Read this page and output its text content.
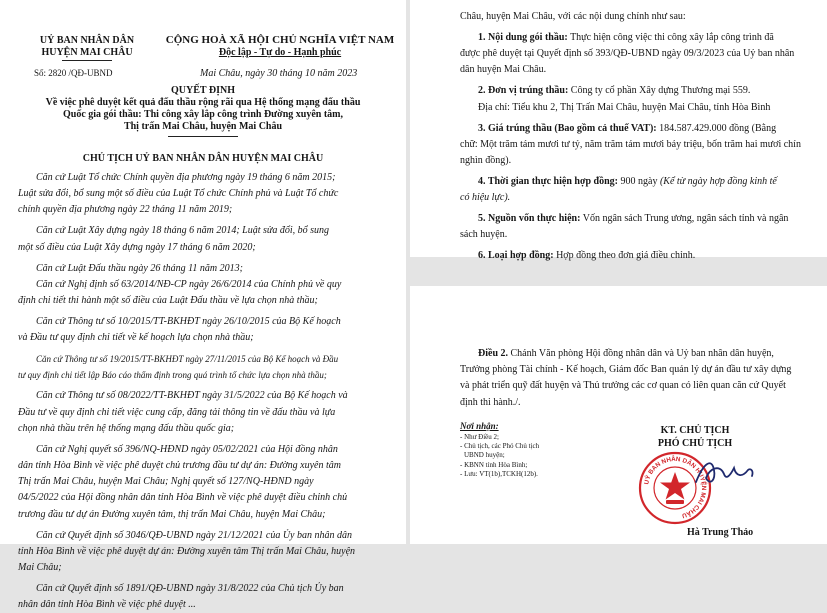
UỶ BAN NHÂN DÂN
HUYỆN MAI CHÂU
CỘNG HOÀ XÃ HỘI CHỦ NGHĨA VIỆT NAM
Độc lập - Tự do - Hạnh phúc
Số: 2820 /QĐ-UBND	Mai Châu, ngày 30 tháng 10 năm 2023
QUYẾT ĐỊNH
Về việc phê duyệt kết quả đấu thầu rộng rãi qua Hệ thống mạng đấu thầu
Quốc gia gói thầu: Thi công xây lắp công trình Đường xuyên tâm,
Thị trấn Mai Châu, huyện Mai Châu
CHỦ TỊCH UỶ BAN NHÂN DÂN HUYỆN MAI CHÂU

Căn cứ Luật Tổ chức Chính quyền địa phương ngày 19 tháng 6 năm 2015;

Luật sửa đổi, bổ sung một số điều của Luật Tổ chức Chính phủ và Luật Tổ chức

chính quyền địa phương ngày 22 tháng 11 năm 2019;

Căn cứ Luật Xây dựng ngày 18 tháng 6 năm 2014; Luật sửa đổi, bổ sung

một số điều của Luật Xây dựng ngày 17 tháng 6 năm 2020;

Căn cứ Luật Đấu thầu ngày 26 tháng 11 năm 2013;

Căn cứ Nghị định số 63/2014/NĐ-CP ngày 26/6/2014 của Chính phủ về quy

định chi tiết thi hành một số điều của Luật Đấu thầu về lựa chọn nhà thầu;

Căn cứ Thông tư số 10/2015/TT-BKHĐT ngày 26/10/2015 của Bộ Kế hoạch

và Đầu tư quy định chi tiết về kế hoạch lựa chọn nhà thầu;

Căn cứ Thông tư số 19/2015/TT-BKHĐT ngày 27/11/2015 của Bộ Kế hoạch và Đầu

tư quy định chi tiết lập Báo cáo thẩm định trong quá trình tổ chức lựa chọn nhà thầu;

Căn cứ Thông tư số 08/2022/TT-BKHĐT ngày 31/5/2022 của Bộ Kế hoạch và

Đầu tư về quy định chi tiết việc cung cấp, đăng tải thông tin về đấu thầu và lựa

chọn nhà thầu trên hệ thống mạng đấu thầu quốc gia;

Căn cứ Nghị quyết số 396/NQ-HĐND ngày 05/02/2021 của Hội đồng nhân

dân tỉnh Hòa Bình về việc phê duyệt chủ trương đầu tư dự án: Đường xuyên tâm

Thị trấn Mai Châu, huyện Mai Châu; Nghị quyết số 127/NQ-HĐND ngày

04/5/2022 của Hội đồng nhân dân tỉnh Hòa Bình về việc phê duyệt điều chỉnh chủ

trương đầu tư dự án Đường xuyên tâm, thị trấn Mai Châu, huyện Mai Châu;

Căn cứ Quyết định số 3046/QĐ-UBND ngày 21/12/2021 của Ủy ban nhân dân

tỉnh Hòa Bình về việc phê duyệt dự án: Đường xuyên tâm Thị trấn Mai Châu, huyện

Mai Châu;

Căn cứ Quyết định số 1891/QĐ-UBND ngày 31/8/2022 của Chủ tịch Ủy ban

nhân dân tỉnh Hòa Bình về việc phê duyệt ...

Châu, huyện Mai Châu, với các nội dung chính như sau:

1. Nội dung gói thầu: Thực hiện công việc thi công xây lắp công trình đã

được phê duyệt tại Quyết định số 393/QĐ-UBND ngày 09/3/2023 của Uỷ ban nhân

dân huyện Mai Châu.

2. Đơn vị trúng thầu: Công ty cổ phần Xây dựng Thương mại 559.

Địa chỉ: Tiểu khu 2, Thị Trấn Mai Châu, huyện Mai Châu, tỉnh Hòa Bình

3. Giá trúng thầu (Bao gồm cả thuế VAT): 184.587.429.000 đồng (Bằng

chữ: Một trăm tám mươi tư tỷ, năm trăm tám mươi bảy triệu, bốn trăm hai mươi chín

nghìn đồng).

4. Thời gian thực hiện hợp đồng: 900 ngày (Kể từ ngày hợp đồng kinh tế

có hiệu lực).

5. Nguồn vốn thực hiện: Vốn ngân sách Trung ương, ngân sách tỉnh và ngân

sách huyện.

6. Loại hợp đồng: Hợp đồng theo đơn giá điều chỉnh.

Điều 2. Chánh Văn phòng Hội đồng nhân dân và Uỷ ban nhân dân huyện,

Trưởng phòng Tài chính - Kế hoạch, Giám đốc Ban quản lý dự án đầu tư xây dựng

và phát triển quỹ đất huyện và Thủ trưởng các cơ quan có liên quan căn cứ Quyết

định thi hành./.

Nơi nhận:
- Như Điều 2;
- Chủ tịch, các Phó Chủ tịch
UBND huyện;
- KBNN tỉnh Hòa Bình;
- Lưu: VT(1b),TCKH(12b).
KT. CHỦ TỊCH
PHÓ CHỦ TỊCH
UỶ BAN NHÂN DÂN HUYỆN MAI CHÂU
Hà Trung Thảo
